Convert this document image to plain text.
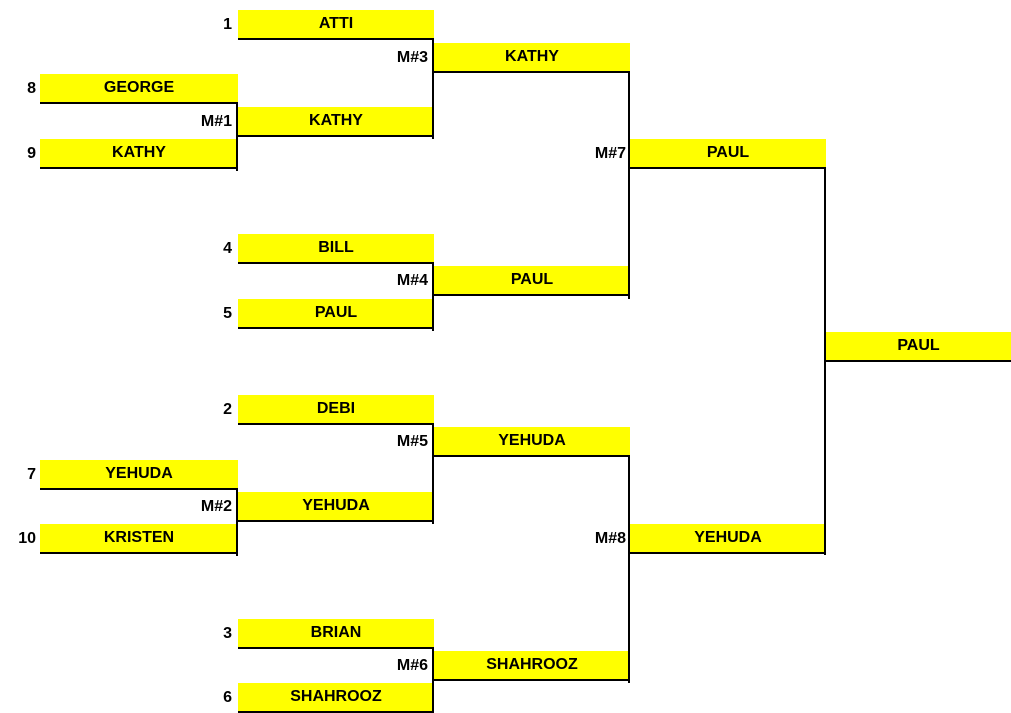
8	GEORGE
M#1
9	KATHY
KATHY
7	YEHUDA
M#2
10	KRISTEN
YEHUDA
1	ATTI
M#3	KATHY
4	BILL
M#4
5	PAUL
PAUL
2	DEBI
M#5	YEHUDA
3	BRIAN
M#6
6	SHAHROOZ
SHAHROOZ
M#7	PAUL
M#8	YEHUDA
PAUL
